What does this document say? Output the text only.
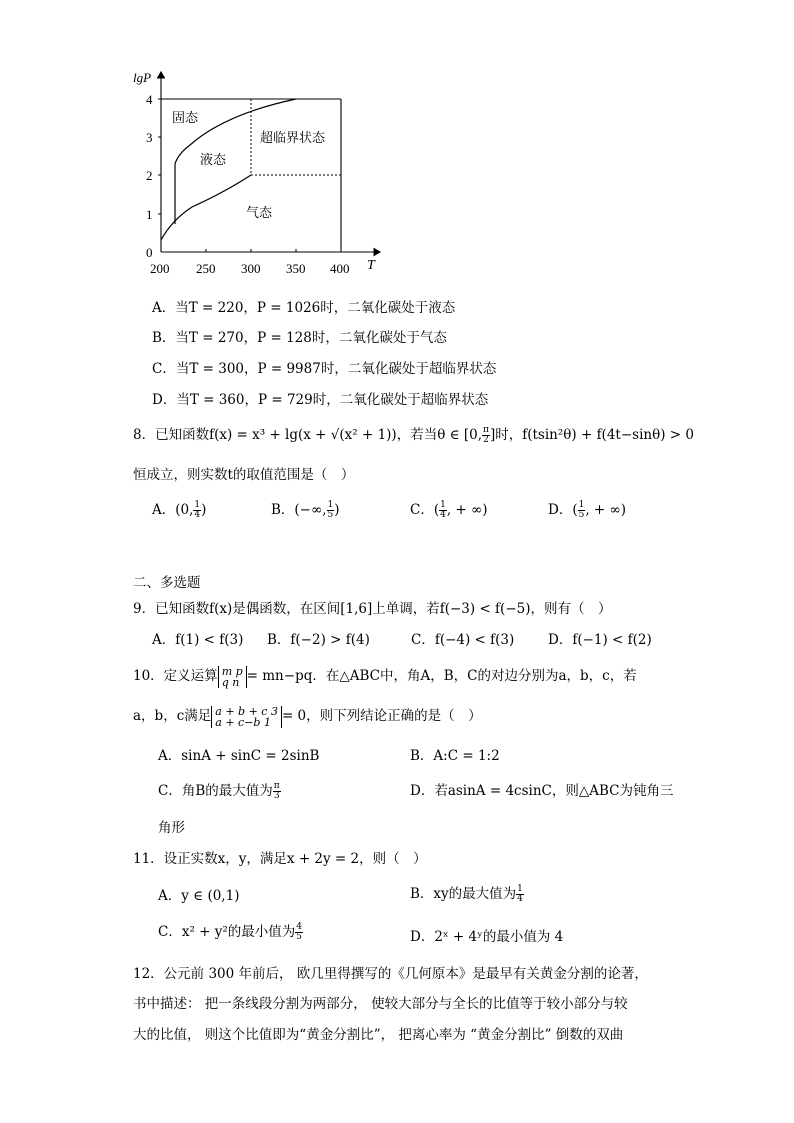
lgP
T
4
3
2
1
0
200 250 300 350 400
固态
液态
超临界状态
气态
A．当T = 220，P = 1026时，二氧化碳处于液态
B．当T = 270，P = 128时，二氧化碳处于气态
C．当T = 300，P = 9987时，二氧化碳处于超临界状态
D．当T = 360，P = 729时，二氧化碳处于超临界状态
8．已知函数f(x) = x³ + lg(x + √(x² + 1))，若当θ ∈ [0, $\frac{\pi}{2}$ ]时，f(tsin²θ) + f(4t−sinθ) > 0
恒成立，则实数t的取值范围是（　）
A．(0, $\frac{1}{4}$ )	B．(−∞, $\frac{1}{5}$ )	C．( $\frac{1}{4}$ , + ∞)	D．( $\frac{1}{5}$ , + ∞)
二、多选题
9．已知函数f(x)是偶函数，在区间[1,6]上单调，若f(−3) < f(−5)，则有（　）
A．f(1) < f(3) B．f(−2) > f(4)	C．f(−4) < f(3) D．f(−1) < f(2)
10．定义运算 m p
q n = mn−pq．在△ABC中，角A，B，C的对边分别为a，b，c，若
a，b，c满足 a + b + c 3
a + c−b 1 = 0，则下列结论正确的是（　）
A．sinA + sinC = 2sinB	B．A:C = 1:2
C．角B的最大值为 $\frac{\pi}{3}$	D．若asinA = 4csinC，则△ABC为钝角三
角形
11．设正实数x，y，满足x + 2y = 2，则（　）
A．y ∈ (0,1)	B．xy的最大值为 $\frac{1}{4}$
C．x² + y²的最小值为 $\frac{4}{5}$	D．2ˣ + 4ʸ的最小值为 4
12．公元前 300 年前后， 欧几里得撰写的《几何原本》是最早有关黄金分割的论著，
书中描述： 把一条线段分割为两部分， 使较大部分与全长的比值等于较小部分与较
大的比值， 则这个比值即为“黄金分割比”， 把离心率为 “黄金分割比” 倒数的双曲
